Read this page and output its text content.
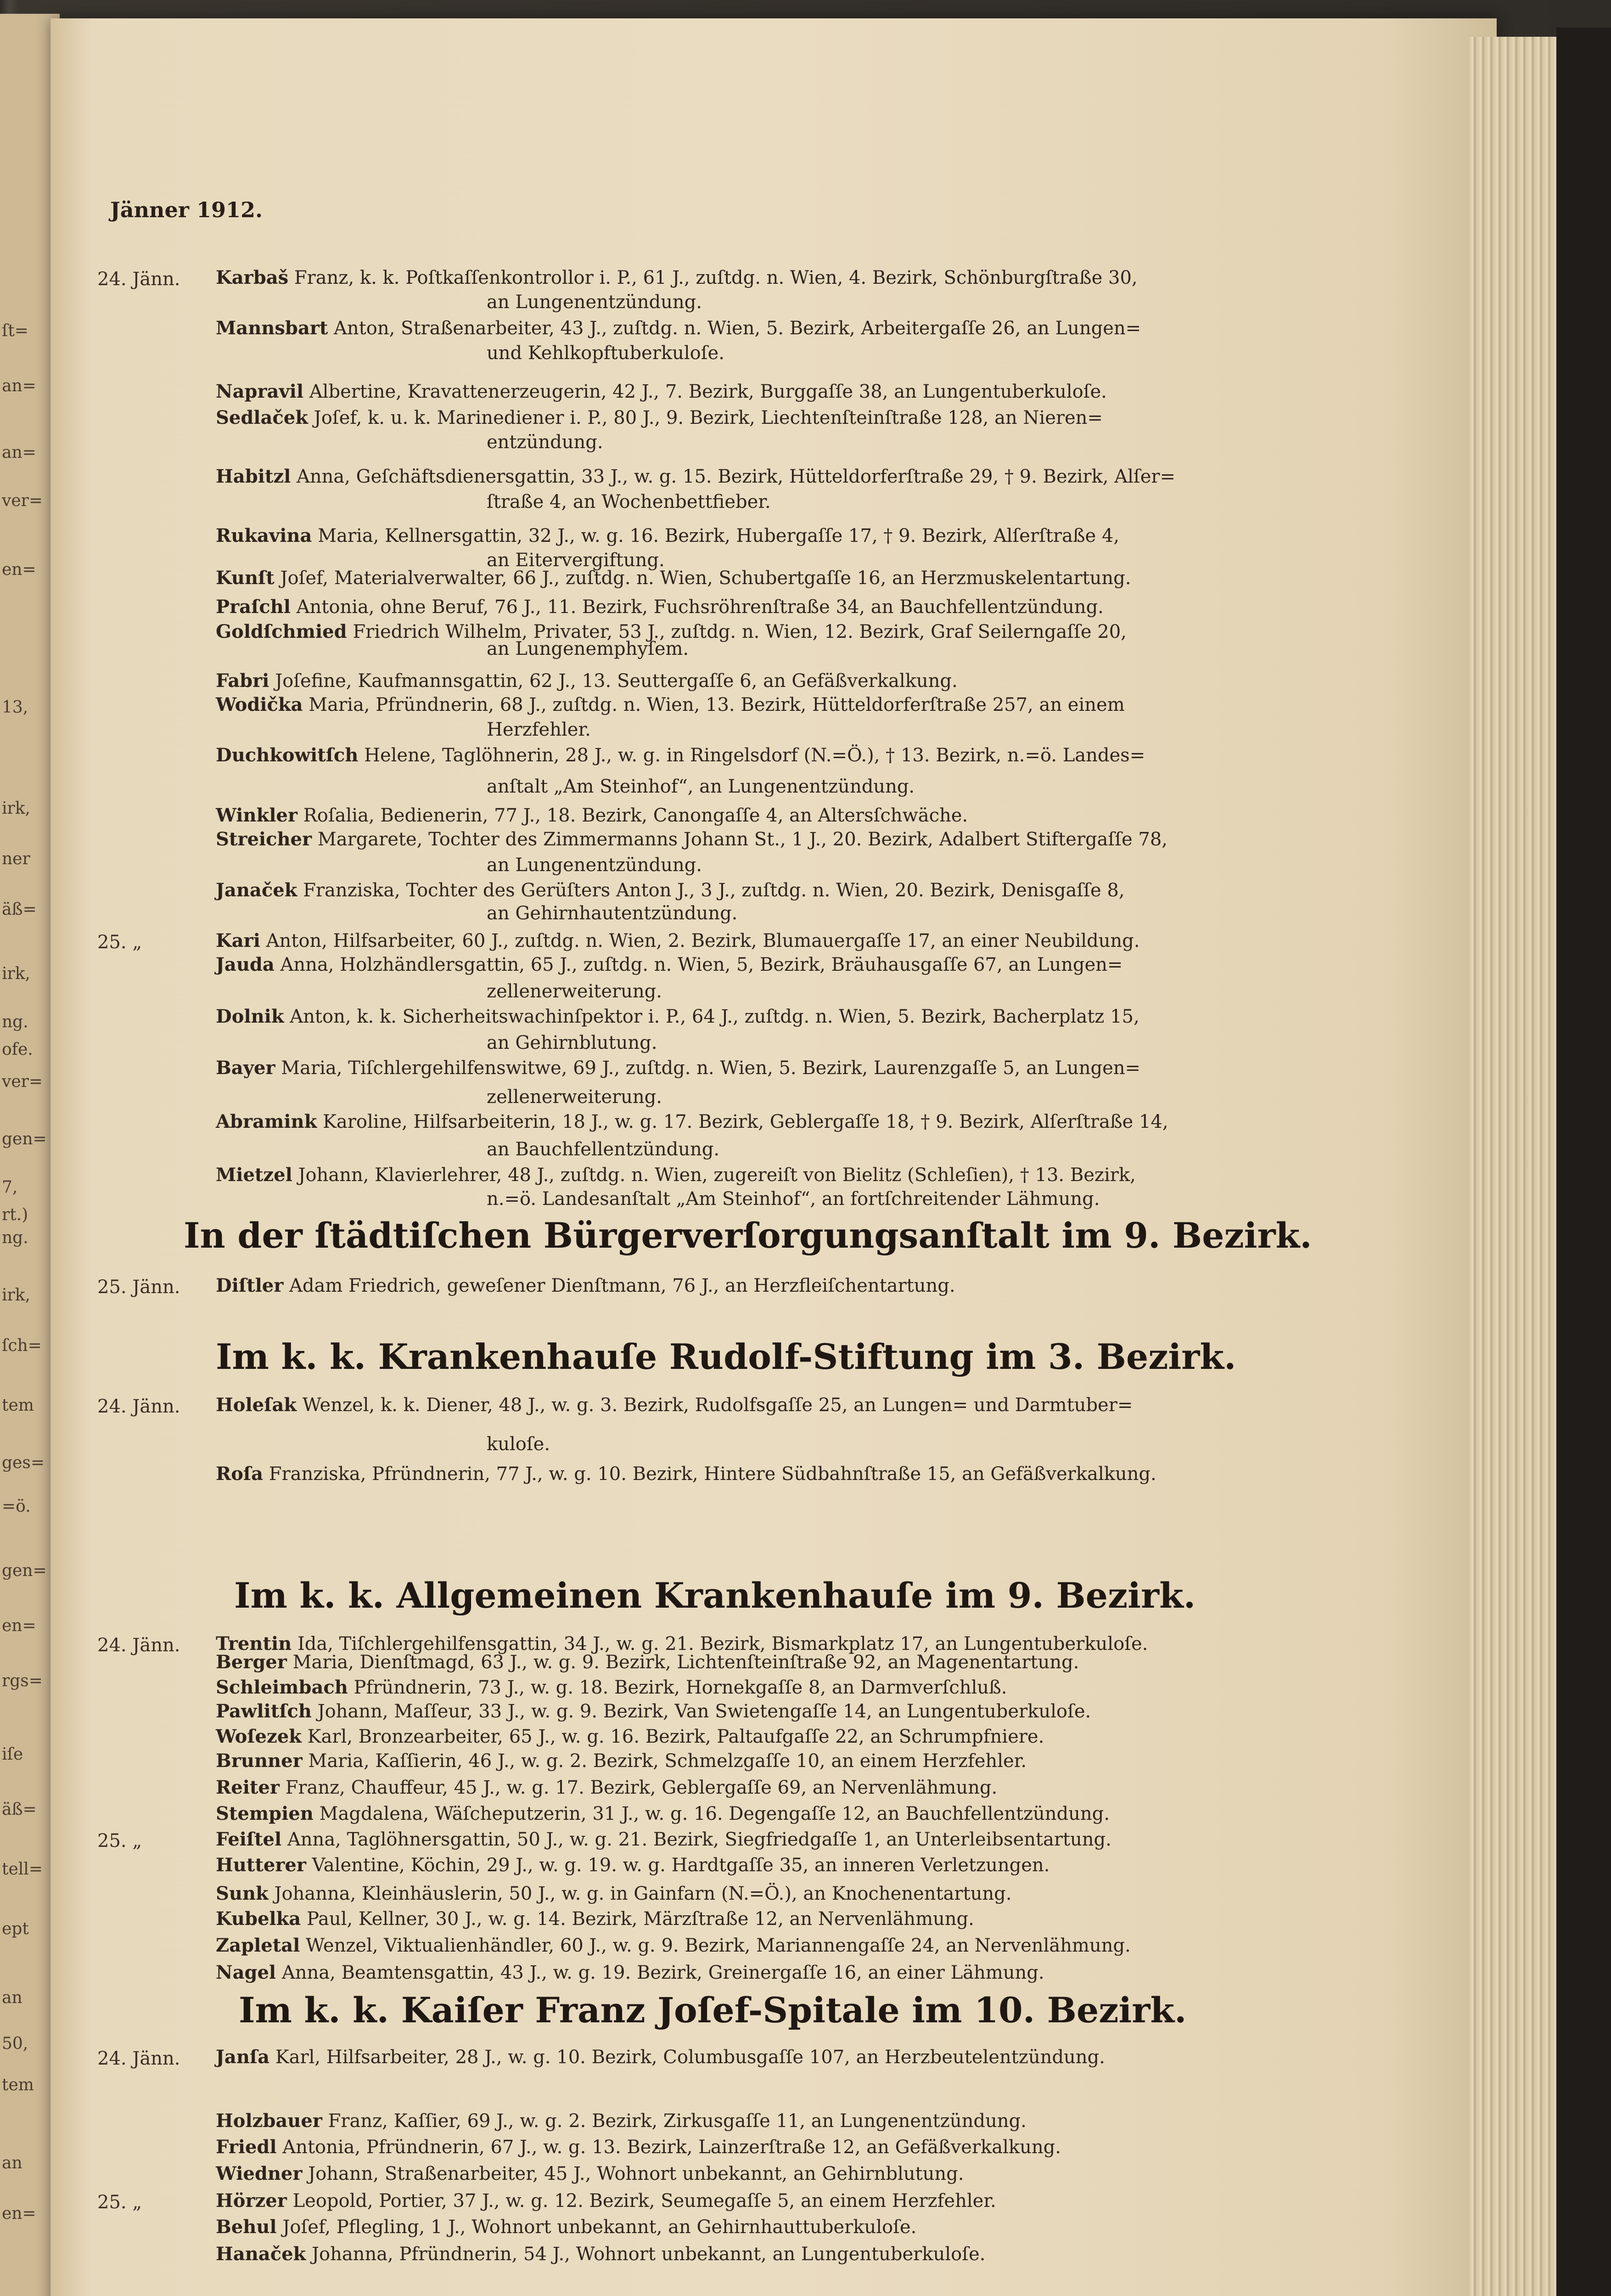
ſt=
an=
an=
ver=
en=
13,
irk,
ner
äß=
irk,
ng.
ofe.
ver=
gen=
7,
rt.)
ng.
irk,
ſch=
tem
ges=
=ö.
gen=
en=
rgs=
iſe
äß=
tell=
ept
an
50,
tem
an
en=
Jänner 1912.
24. Jänn. Karbaš Franz, k. k. Poſtkaſſenkontrollor i. P., 61 J., zuſtdg. n. Wien, 4. Bezirk, Schönburgſtraße 30,
an Lungenentzündung.
Mannsbart Anton, Straßenarbeiter, 43 J., zuſtdg. n. Wien, 5. Bezirk, Arbeitergaſſe 26, an Lungen=
und Kehlkopftuberkuloſe.
Napravil Albertine, Kravattenerzeugerin, 42 J., 7. Bezirk, Burggaſſe 38, an Lungentuberkuloſe.
Sedlaček Joſef, k. u. k. Marinediener i. P., 80 J., 9. Bezirk, Liechtenſteinſtraße 128, an Nieren=
entzündung.
Habitzl Anna, Geſchäftsdienersgattin, 33 J., w. g. 15. Bezirk, Hütteldorferſtraße 29, † 9. Bezirk, Alſer=
ſtraße 4, an Wochenbettfieber.
Rukavina Maria, Kellnersgattin, 32 J., w. g. 16. Bezirk, Hubergaſſe 17, † 9. Bezirk, Alſerſtraße 4,
an Eitervergiftung.
Kunſt Joſef, Materialverwalter, 66 J., zuſtdg. n. Wien, Schubertgaſſe 16, an Herzmuskelentartung.
Praſchl Antonia, ohne Beruf, 76 J., 11. Bezirk, Fuchsröhrenſtraße 34, an Bauchfellentzündung.
Goldſchmied Friedrich Wilhelm, Privater, 53 J., zuſtdg. n. Wien, 12. Bezirk, Graf Seilerngaſſe 20,
an Lungenemphyſem.
Fabri Joſefine, Kaufmannsgattin, 62 J., 13. Seuttergaſſe 6, an Gefäßverkalkung.
Wodička Maria, Pfründnerin, 68 J., zuſtdg. n. Wien, 13. Bezirk, Hütteldorferſtraße 257, an einem
Herzfehler.
Duchkowitſch Helene, Taglöhnerin, 28 J., w. g. in Ringelsdorf (N.=Ö.), † 13. Bezirk, n.=ö. Landes=
anſtalt „Am Steinhof“, an Lungenentzündung.
Winkler Roſalia, Bedienerin, 77 J., 18. Bezirk, Canongaſſe 4, an Altersſchwäche.
Streicher Margarete, Tochter des Zimmermanns Johann St., 1 J., 20. Bezirk, Adalbert Stiftergaſſe 78,
an Lungenentzündung.
Janaček Franziska, Tochter des Gerüſters Anton J., 3 J., zuſtdg. n. Wien, 20. Bezirk, Denisgaſſe 8,
an Gehirnhautentzündung.
25. „	Kari Anton, Hilfsarbeiter, 60 J., zuſtdg. n. Wien, 2. Bezirk, Blumauergaſſe 17, an einer Neubildung.
Jauda Anna, Holzhändlersgattin, 65 J., zuſtdg. n. Wien, 5, Bezirk, Bräuhausgaſſe 67, an Lungen=
zellenerweiterung.
Dolnik Anton, k. k. Sicherheitswachinſpektor i. P., 64 J., zuſtdg. n. Wien, 5. Bezirk, Bacherplatz 15,
an Gehirnblutung.
Bayer Maria, Tiſchlergehilfenswitwe, 69 J., zuſtdg. n. Wien, 5. Bezirk, Laurenzgaſſe 5, an Lungen=
zellenerweiterung.
Abramink Karoline, Hilfsarbeiterin, 18 J., w. g. 17. Bezirk, Geblergaſſe 18, † 9. Bezirk, Alſerſtraße 14,
an Bauchfellentzündung.
Mietzel Johann, Klavierlehrer, 48 J., zuſtdg. n. Wien, zugereiſt von Bielitz (Schleſien), † 13. Bezirk,
n.=ö. Landesanſtalt „Am Steinhof“, an fortſchreitender Lähmung.
In der ſtädtiſchen Bürgerverſorgungsanſtalt im 9. Bezirk.
25. Jänn. Diſtler Adam Friedrich, geweſener Dienſtmann, 76 J., an Herzfleiſchentartung.
Im k. k. Krankenhauſe Rudolf-Stiftung im 3. Bezirk.
24. Jänn. Holeſak Wenzel, k. k. Diener, 48 J., w. g. 3. Bezirk, Rudolfsgaſſe 25, an Lungen= und Darmtuber=
kuloſe.
Roſa Franziska, Pfründnerin, 77 J., w. g. 10. Bezirk, Hintere Südbahnſtraße 15, an Gefäßverkalkung.
Im k. k. Allgemeinen Krankenhauſe im 9. Bezirk.
24. Jänn. Trentin Ida, Tiſchlergehilfensgattin, 34 J., w. g. 21. Bezirk, Bismarkplatz 17, an Lungentuberkuloſe.
Berger Maria, Dienſtmagd, 63 J., w. g. 9. Bezirk, Lichtenſteinſtraße 92, an Magenentartung.
Schleimbach Pfründnerin, 73 J., w. g. 18. Bezirk, Hornekgaſſe 8, an Darmverſchluß.
Pawlitſch Johann, Maſſeur, 33 J., w. g. 9. Bezirk, Van Swietengaſſe 14, an Lungentuberkuloſe.
Woſezek Karl, Bronzearbeiter, 65 J., w. g. 16. Bezirk, Paltaufgaſſe 22, an Schrumpfniere.
Brunner Maria, Kaſſierin, 46 J., w. g. 2. Bezirk, Schmelzgaſſe 10, an einem Herzfehler.
Reiter Franz, Chauffeur, 45 J., w. g. 17. Bezirk, Geblergaſſe 69, an Nervenlähmung.
Stempien Magdalena, Wäſcheputzerin, 31 J., w. g. 16. Degengaſſe 12, an Bauchfellentzündung.
25. „	Feiſtel Anna, Taglöhnersgattin, 50 J., w. g. 21. Bezirk, Siegfriedgaſſe 1, an Unterleibsentartung.
Hutterer Valentine, Köchin, 29 J., w. g. 19. w. g. Hardtgaſſe 35, an inneren Verletzungen.
Sunk Johanna, Kleinhäuslerin, 50 J., w. g. in Gainfarn (N.=Ö.), an Knochenentartung.
Kubelka Paul, Kellner, 30 J., w. g. 14. Bezirk, Märzſtraße 12, an Nervenlähmung.
Zapletal Wenzel, Viktualienhändler, 60 J., w. g. 9. Bezirk, Mariannengaſſe 24, an Nervenlähmung.
Nagel Anna, Beamtensgattin, 43 J., w. g. 19. Bezirk, Greinergaſſe 16, an einer Lähmung.
Im k. k. Kaiſer Franz Joſef-Spitale im 10. Bezirk.
24. Jänn. Janſa Karl, Hilfsarbeiter, 28 J., w. g. 10. Bezirk, Columbusgaſſe 107, an Herzbeutelentzündung.
Holzbauer Franz, Kaſſier, 69 J., w. g. 2. Bezirk, Zirkusgaſſe 11, an Lungenentzündung.
Friedl Antonia, Pfründnerin, 67 J., w. g. 13. Bezirk, Lainzerſtraße 12, an Gefäßverkalkung.
Wiedner Johann, Straßenarbeiter, 45 J., Wohnort unbekannt, an Gehirnblutung.
25. „	Hörzer Leopold, Portier, 37 J., w. g. 12. Bezirk, Seumegaſſe 5, an einem Herzfehler.
Behul Joſef, Pflegling, 1 J., Wohnort unbekannt, an Gehirnhauttuberkuloſe.
Hanaček Johanna, Pfründnerin, 54 J., Wohnort unbekannt, an Lungentuberkuloſe.
